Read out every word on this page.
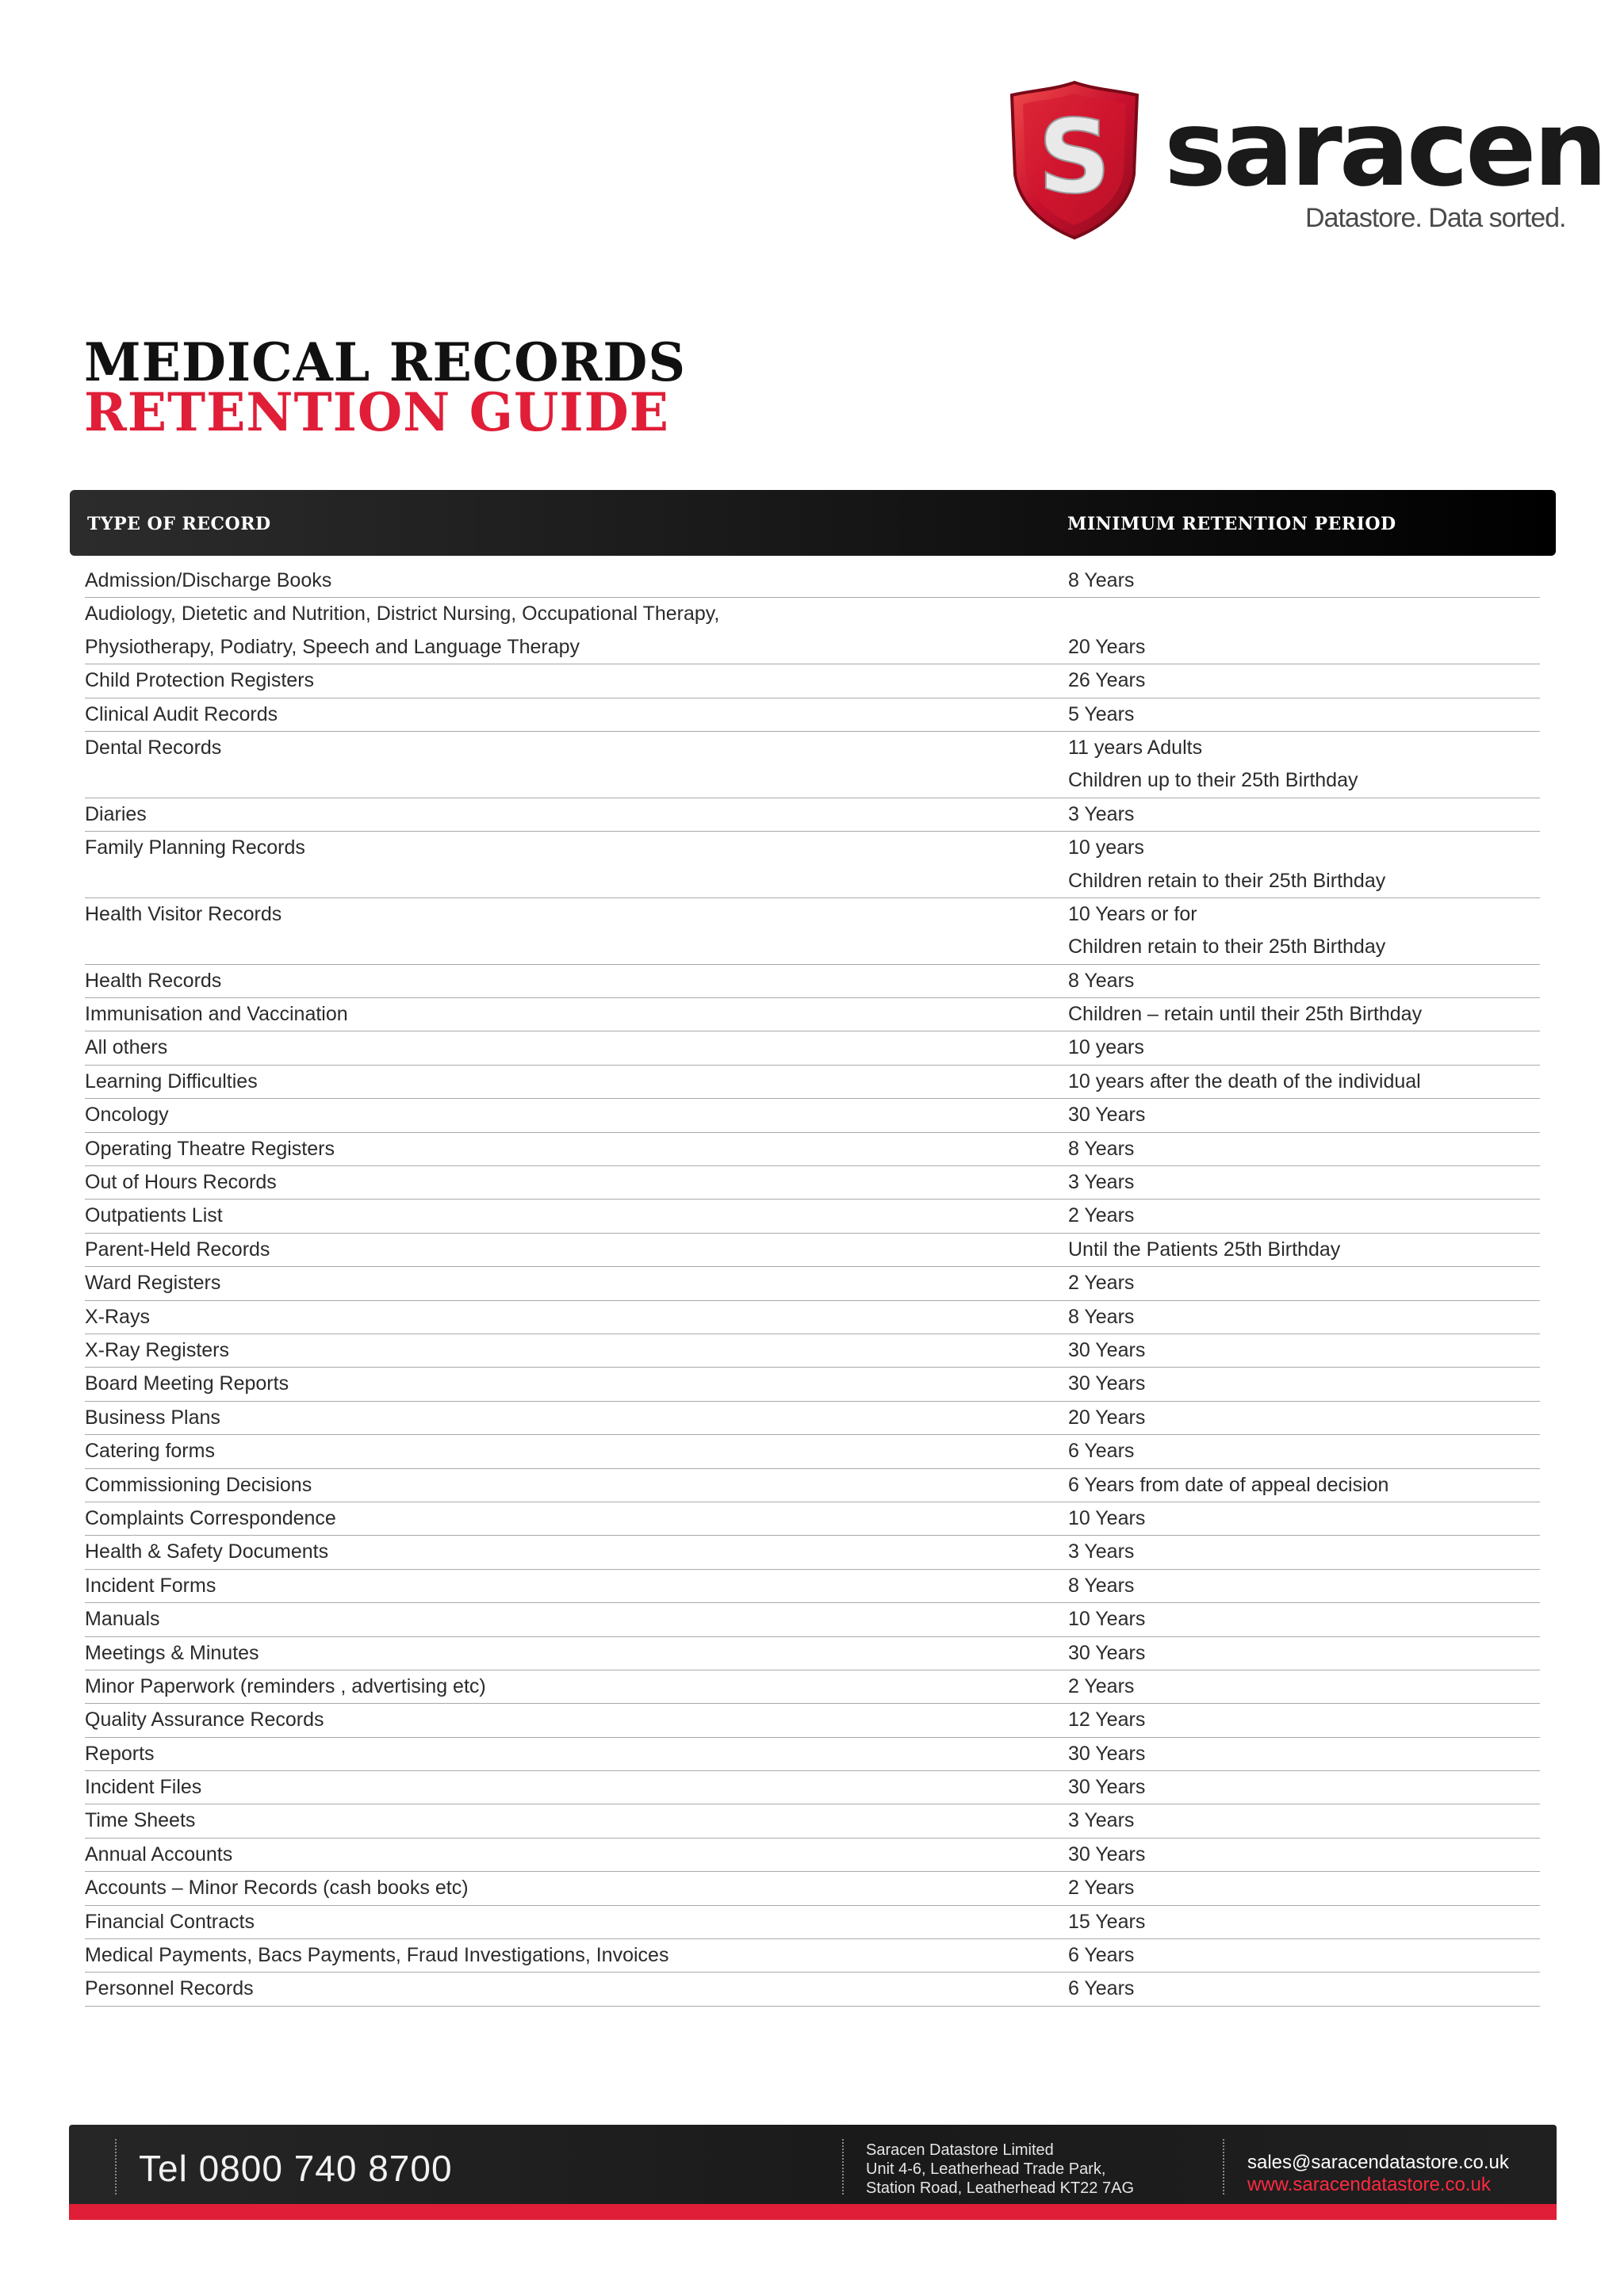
S saracen
Datastore. Data sorted.
MEDICAL RECORDS
RETENTION GUIDE
TYPE OF RECORD	MINIMUM RETENTION PERIOD
Admission/Discharge Books	8 Years
Audiology, Dietetic and Nutrition, District Nursing, Occupational Therapy,
Physiotherapy, Podiatry, Speech and Language Therapy	20 Years
Child Protection Registers	26 Years
Clinical Audit Records	5 Years
Dental Records	11 years Adults
Children up to their 25th Birthday
Diaries	3 Years
Family Planning Records	10 years
Children retain to their 25th Birthday
Health Visitor Records	10 Years or for
Children retain to their 25th Birthday
Health Records	8 Years
Immunisation and Vaccination	Children – retain until their 25th Birthday
All others	10 years
Learning Difficulties	10 years after the death of the individual
Oncology	30 Years
Operating Theatre Registers	8 Years
Out of Hours Records	3 Years
Outpatients List	2 Years
Parent-Held Records	Until the Patients 25th Birthday
Ward Registers	2 Years
X-Rays	8 Years
X-Ray Registers	30 Years
Board Meeting Reports	30 Years
Business Plans	20 Years
Catering forms	6 Years
Commissioning Decisions	6 Years from date of appeal decision
Complaints Correspondence	10 Years
Health & Safety Documents	3 Years
Incident Forms	8 Years
Manuals	10 Years
Meetings & Minutes	30 Years
Minor Paperwork (reminders , advertising etc)	2 Years
Quality Assurance Records	12 Years
Reports	30 Years
Incident Files	30 Years
Time Sheets	3 Years
Annual Accounts	30 Years
Accounts – Minor Records (cash books etc)	2 Years
Financial Contracts	15 Years
Medical Payments, Bacs Payments, Fraud Investigations, Invoices	6 Years
Personnel Records	6 Years
Tel 0800 740 8700	Saracen Datastore Limited
Unit 4-6, Leatherhead Trade Park,
Station Road, Leatherhead KT22 7AG
sales@saracendatastore.co.uk
www.saracendatastore.co.uk
